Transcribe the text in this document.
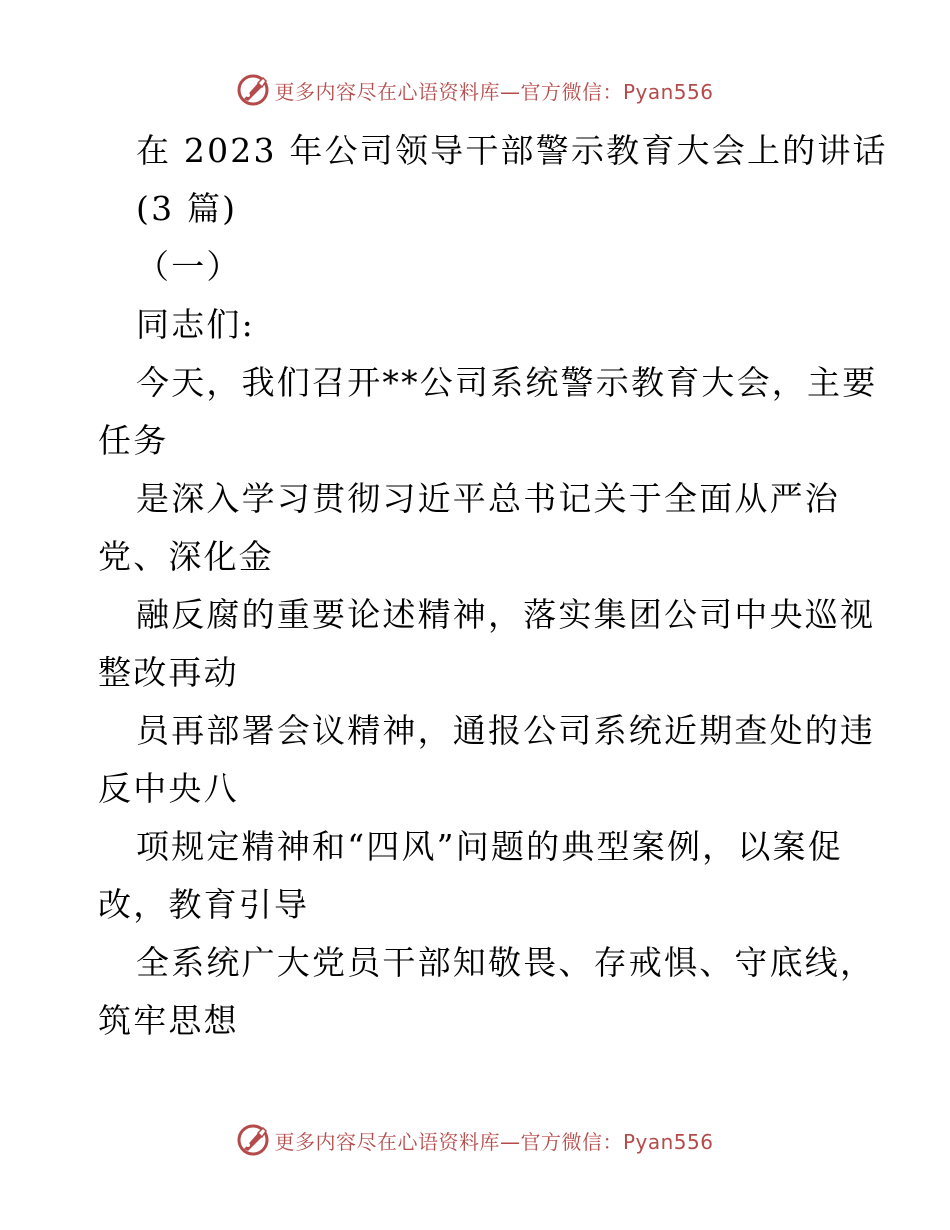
更多内容尽在心语资料库—官方微信：Pyan556
在 2023 年公司领导干部警示教育大会上的讲话
(3 篇)
（一）
同志们:
今天，我们召开**公司系统警示教育大会，主要
任务
是深入学习贯彻习近平总书记关于全面从严治
党、深化金
融反腐的重要论述精神，落实集团公司中央巡视
整改再动
员再部署会议精神，通报公司系统近期查处的违
反中央八
项规定精神和“四风”问题的典型案例，以案促
改，教育引导
全系统广大党员干部知敬畏、存戒惧、守底线，
筑牢思想
更多内容尽在心语资料库—官方微信：Pyan556
